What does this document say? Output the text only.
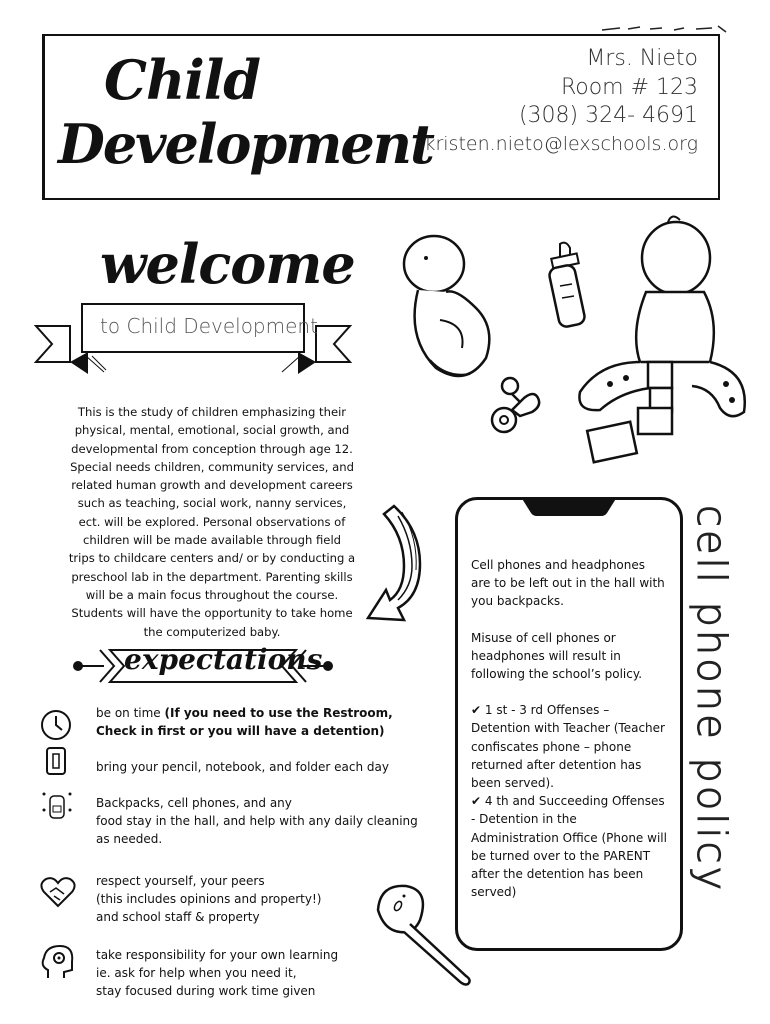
Child
Development
Mrs. Nieto
Room # 123
(308) 324- 4691
kristen.nieto@lexschools.org
welcome
to Child Development
This is the study of children emphasizing their
physical, mental, emotional, social growth, and
developmental from conception through age 12.
Special needs children, community services, and
related human growth and development careers
such as teaching, social work, nanny services,
ect. will be explored. Personal observations of
children will be made available through field
trips to childcare centers and/ or by conducting a
preschool lab in the department. Parenting skills
will be a main focus throughout the course.
Students will have the opportunity to take home
the computerized baby.
expectations
be on time (If you need to use the Restroom, Check in first or you will have a detention)
bring your pencil, notebook, and folder each day
Backpacks, cell phones, and any
food stay in the hall, and help with any daily cleaning
as needed.
respect yourself, your peers
(this includes opinions and property!)
and school staff & property
take responsibility for your own learning
ie. ask for help when you need it,
stay focused during work time given

Cell phones and headphones are to be left out in the hall with you backpacks.

Misuse of cell phones or headphones will result in following the school’s policy.

✔ 1 st - 3 rd Offenses – Detention with Teacher (Teacher confiscates phone – phone returned after detention has been served).
✔ 4 th and Succeeding Offenses - Detention in the Administration Office (Phone will be turned over to the PARENT after the detention has been served)	cell phone policy
